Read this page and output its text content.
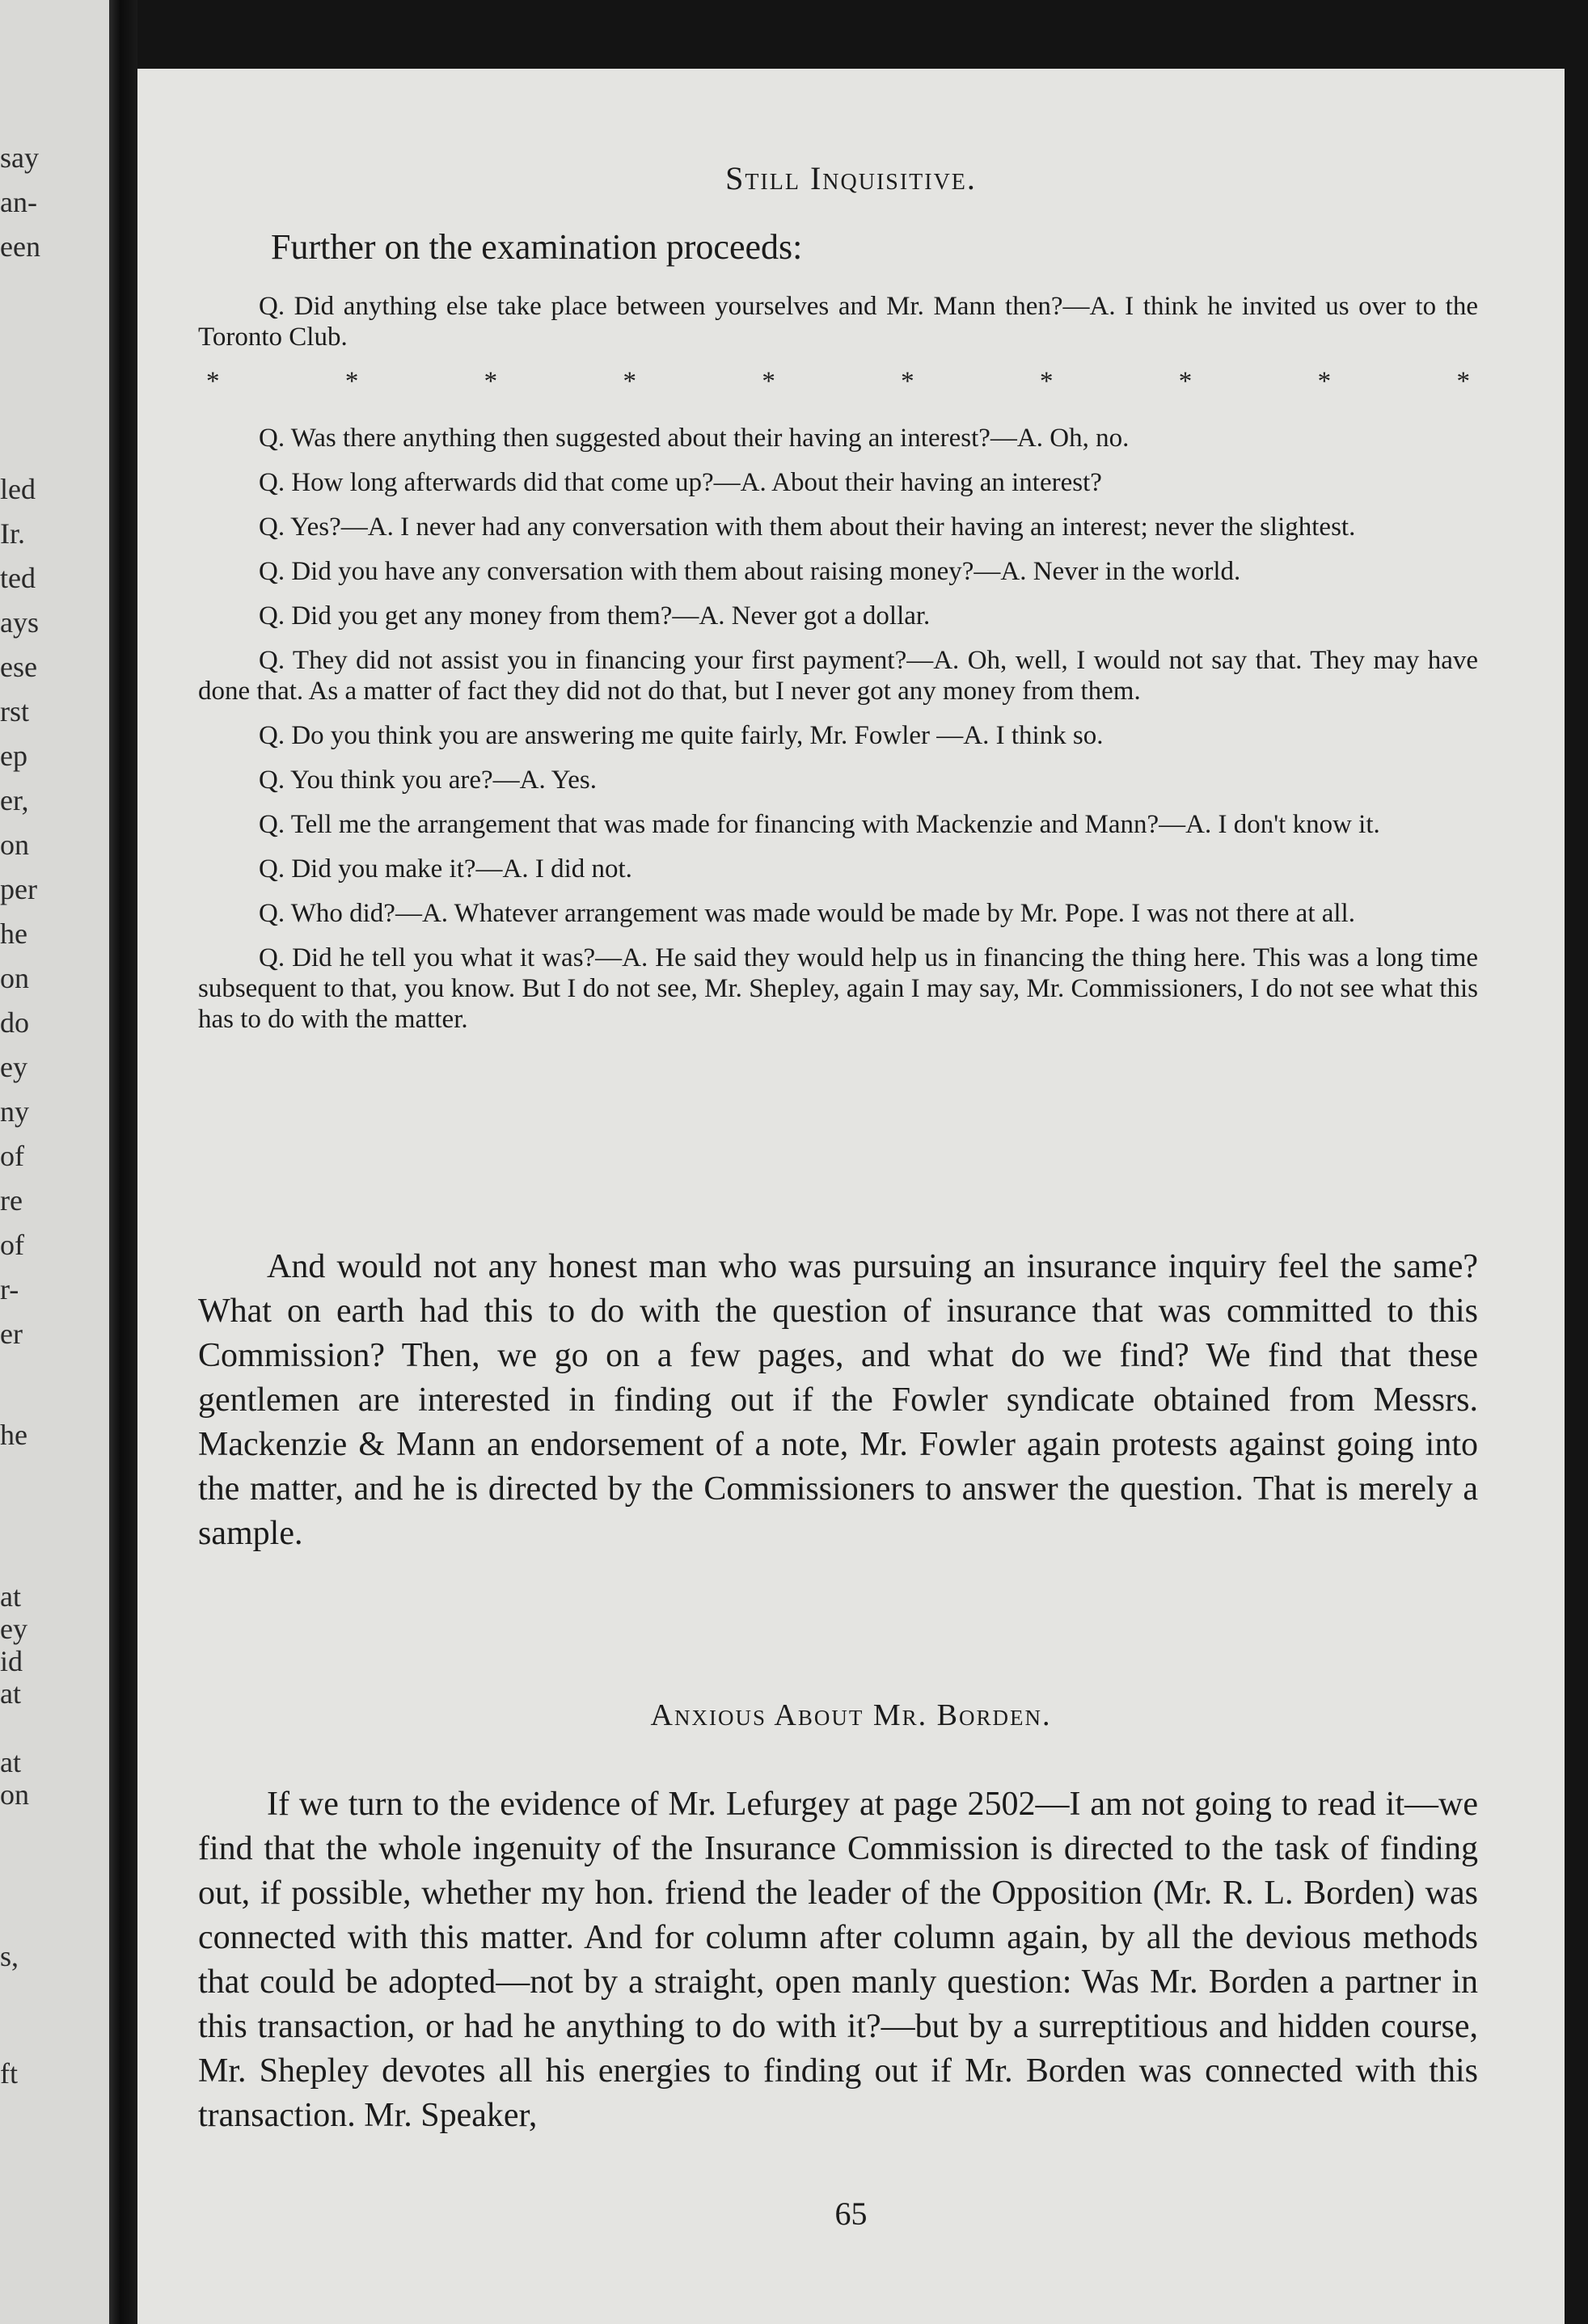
say
an-
een
led
Ir.
ted
ays
ese
rst
ep
er,
on
per
he
on
do
ey
ny
of
re
of
r-
er
he
at
ey
id
at
at
on
s,
ft
Still Inquisitive.
Further on the examination proceeds:

Q. Did anything else take place between yourselves and Mr. Mann then?—A. I think he invited us over to the Toronto Club.

*	*	*	*	*	*	*	*	*	*

Q. Was there anything then suggested about their having an interest?—A. Oh, no.

Q. How long afterwards did that come up?—A. About their having an interest?

Q. Yes?—A. I never had any conversation with them about their having an interest; never the slightest.

Q. Did you have any conversation with them about raising money?—A. Never in the world.

Q. Did you get any money from them?—A. Never got a dollar.

Q. They did not assist you in financing your first payment?—A. Oh, well, I would not say that. They may have done that. As a matter of fact they did not do that, but I never got any money from them.

Q. Do you think you are answering me quite fairly, Mr. Fowler —A. I think so.

Q. You think you are?—A. Yes.

Q. Tell me the arrangement that was made for financing with Mackenzie and Mann?—A. I don't know it.

Q. Did you make it?—A. I did not.

Q. Who did?—A. Whatever arrangement was made would be made by Mr. Pope. I was not there at all.

Q. Did he tell you what it was?—A. He said they would help us in financing the thing here. This was a long time subsequent to that, you know. But I do not see, Mr. Shepley, again I may say, Mr. Commissioners, I do not see what this has to do with the matter.

And would not any honest man who was pursuing an insurance inquiry feel the same? What on earth had this to do with the question of insurance that was committed to this Commission? Then, we go on a few pages, and what do we find? We find that these gentlemen are interested in finding out if the Fowler syndicate obtained from Messrs. Mackenzie & Mann an endorsement of a note, Mr. Fowler again protests against going into the matter, and he is directed by the Commissioners to answer the question. That is merely a sample.

Anxious About Mr. Borden.

If we turn to the evidence of Mr. Lefurgey at page 2502—I am not going to read it—we find that the whole ingenuity of the Insurance Commission is directed to the task of finding out, if possible, whether my hon. friend the leader of the Opposition (Mr. R. L. Borden) was connected with this matter. And for column after column again, by all the devious methods that could be adopted—not by a straight, open manly question: Was Mr. Borden a partner in this transaction, or had he anything to do with it?—but by a surreptitious and hidden course, Mr. Shepley devotes all his energies to finding out if Mr. Borden was connected with this transaction. Mr. Speaker,

65
